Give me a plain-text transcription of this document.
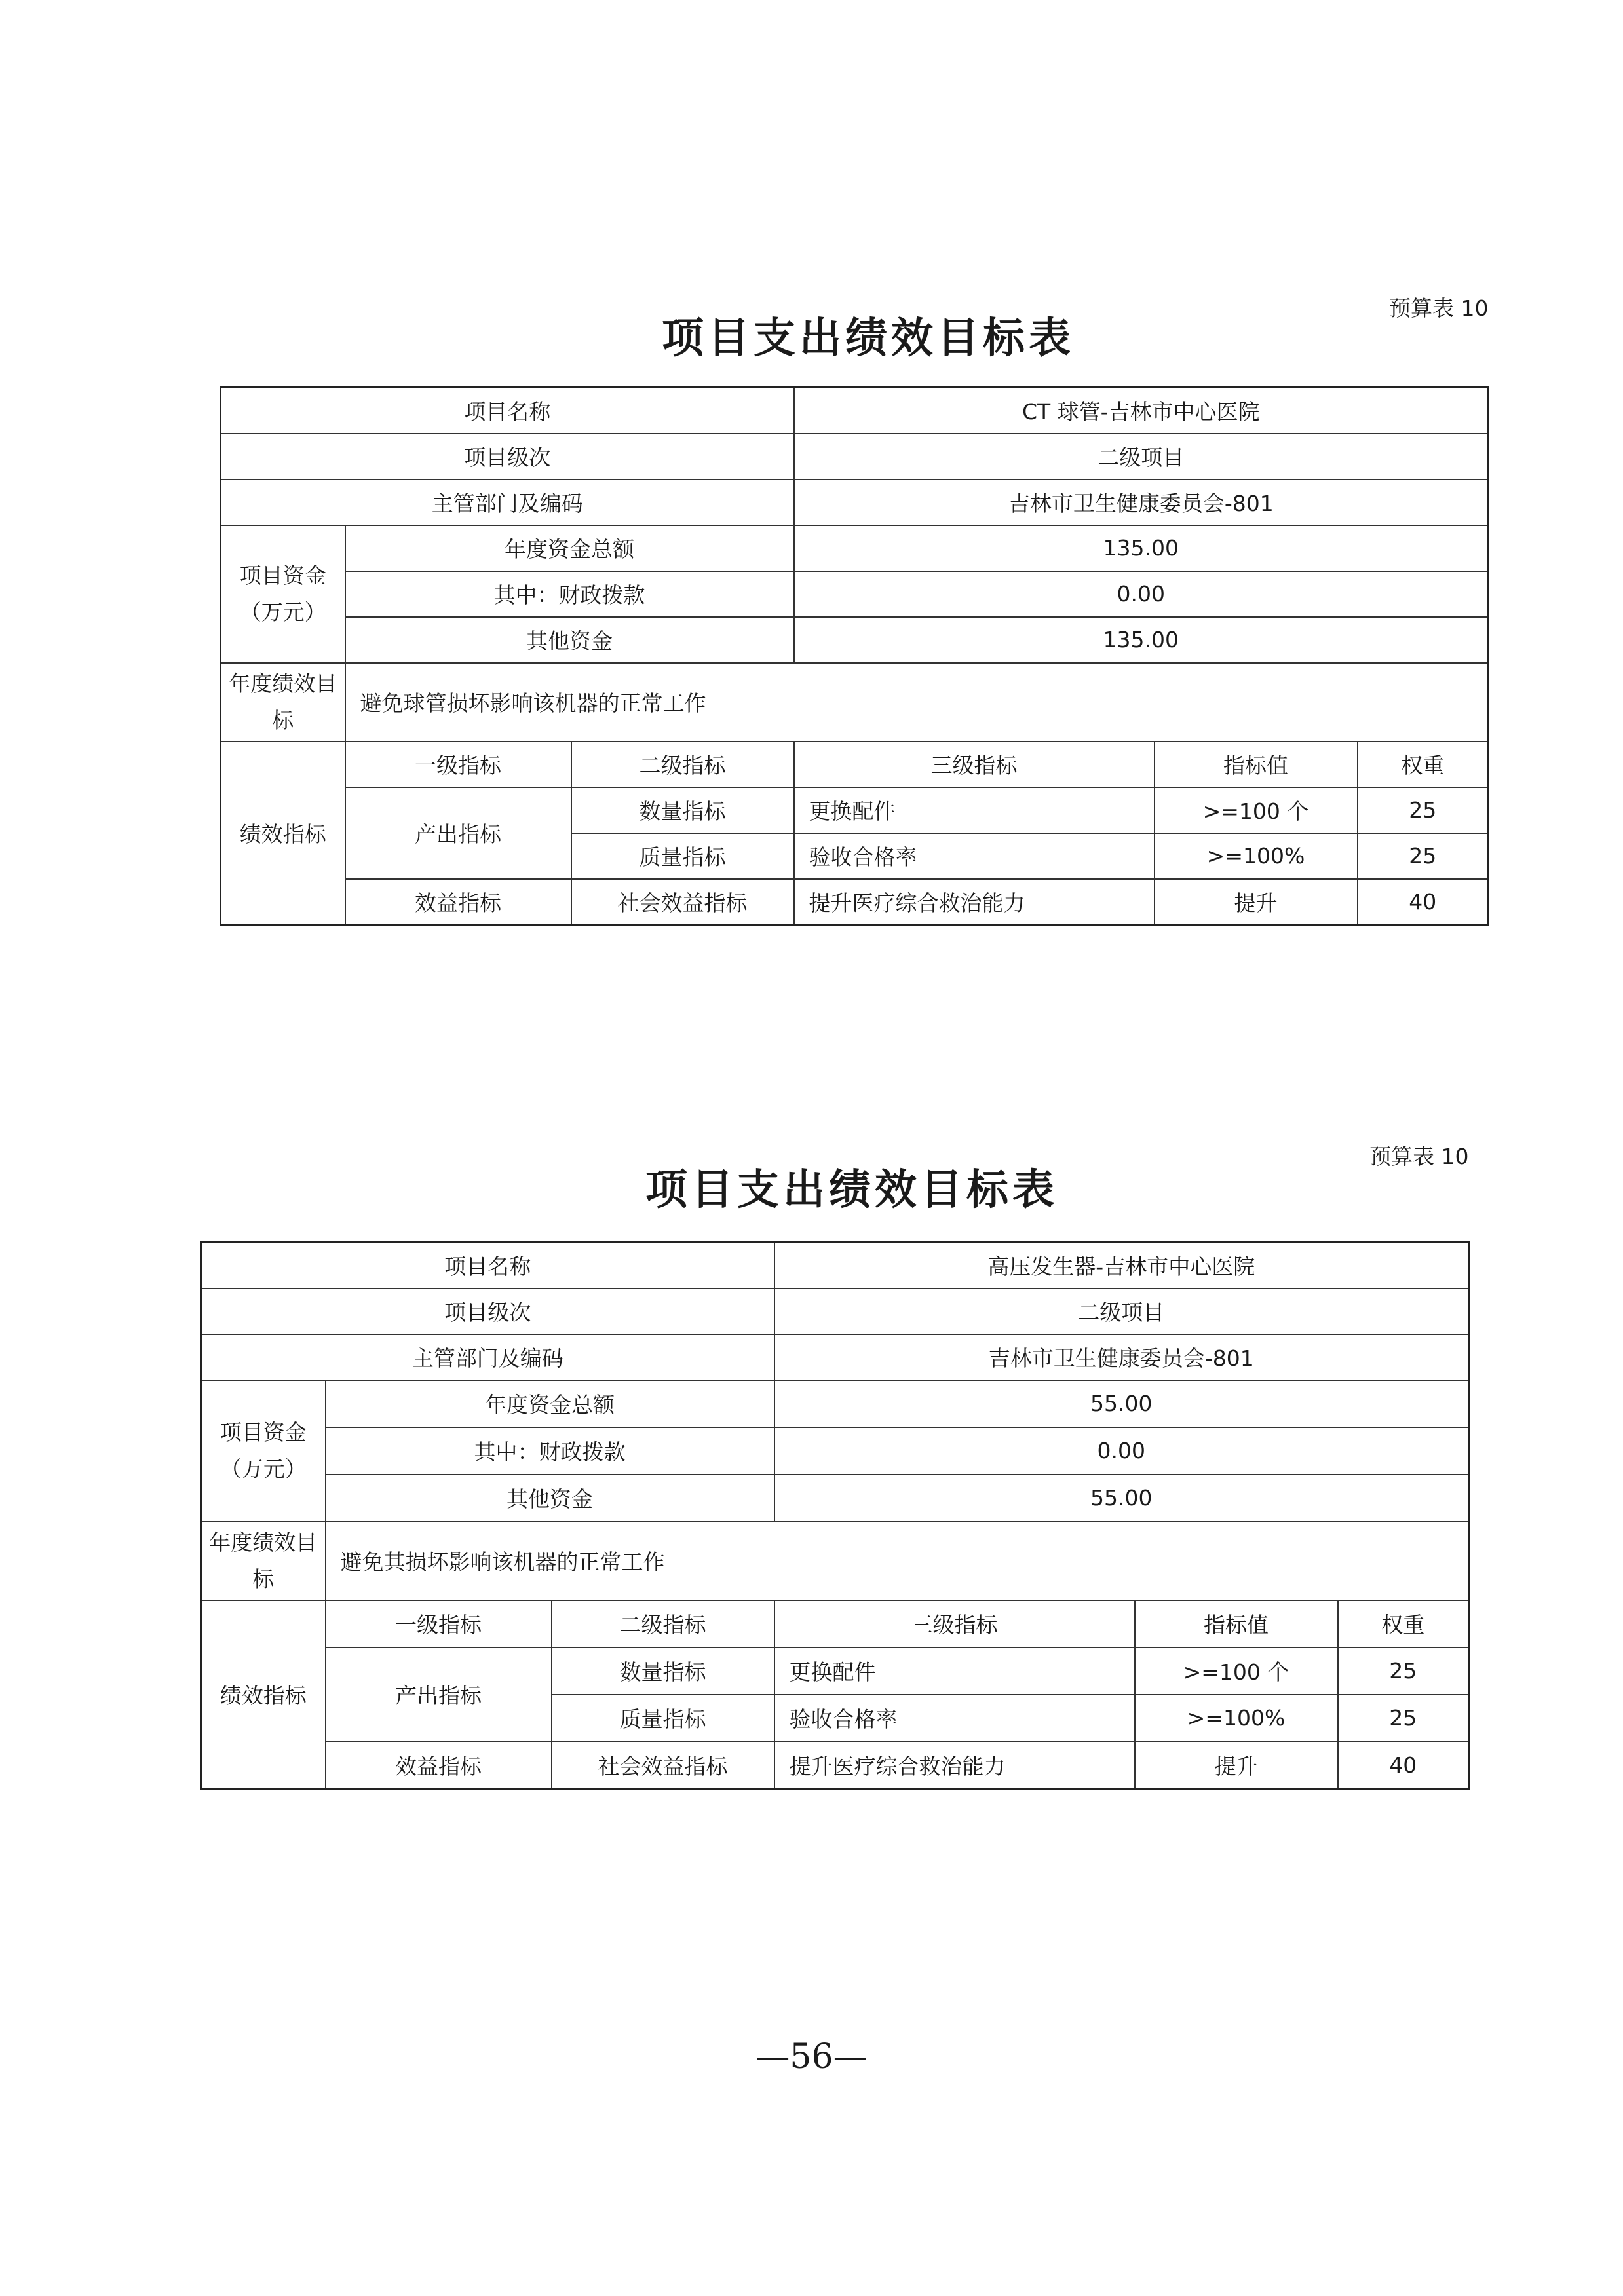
预算表 10
项目支出绩效目标表
项目名称			CT 球管-吉林市中心医院		
项目级次			二级项目		
主管部门及编码			吉林市卫生健康委员会-801		
项目资金（万元）	年度资金总额		135.00		
	其中：财政拨款		0.00		
	其他资金		135.00		
年度绩效目标	避免球管损坏影响该机器的正常工作				
绩效指标	一级指标	二级指标	三级指标	指标值	权重
	产出指标	数量指标	更换配件	>=100 个	25
		质量指标	验收合格率	>=100%	25
	效益指标	社会效益指标	提升医疗综合救治能力	提升	40
预算表 10
项目支出绩效目标表
项目名称			高压发生器-吉林市中心医院		
项目级次			二级项目		
主管部门及编码			吉林市卫生健康委员会-801		
项目资金（万元）	年度资金总额		55.00		
	其中：财政拨款		0.00		
	其他资金		55.00		
年度绩效目标	避免其损坏影响该机器的正常工作				
绩效指标	一级指标	二级指标	三级指标	指标值	权重
	产出指标	数量指标	更换配件	>=100 个	25
		质量指标	验收合格率	>=100%	25
	效益指标	社会效益指标	提升医疗综合救治能力	提升	40
—56—
